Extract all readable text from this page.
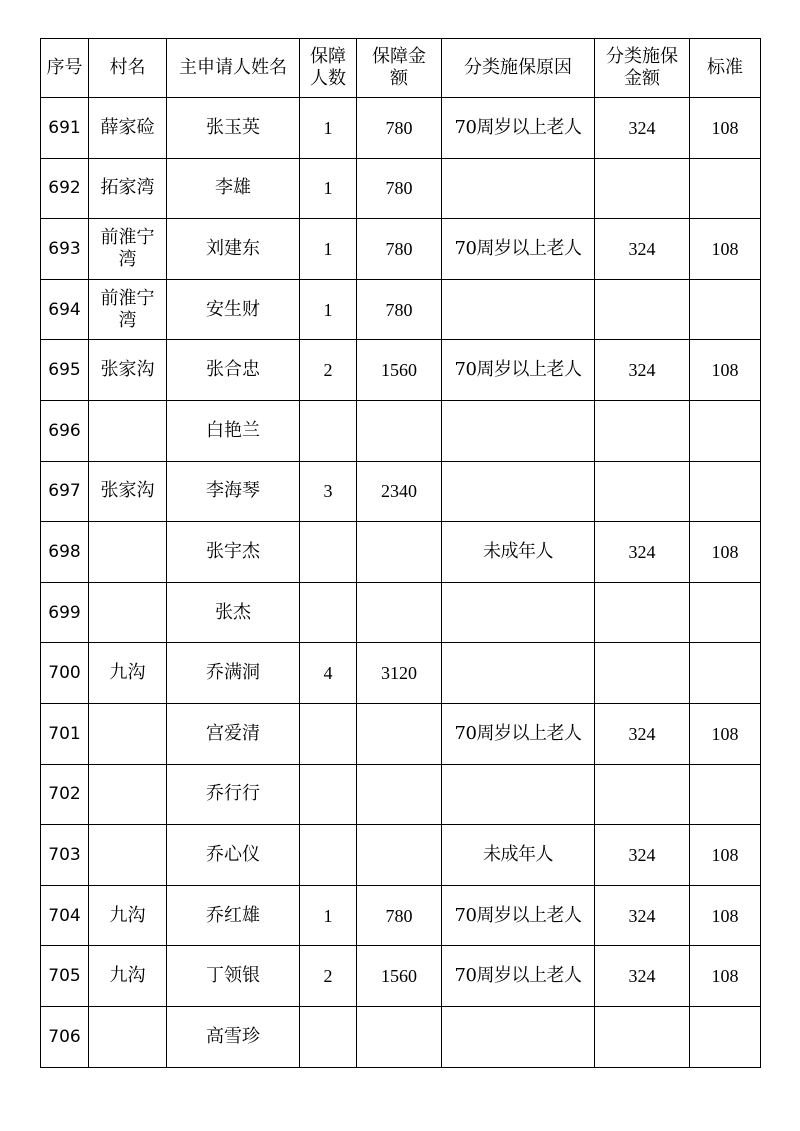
序号	村名	主申请人姓名	保障人数	保障金额	分类施保原因	分类施保金额	标准
691	薛家硷	张玉英	1	780	70周岁以上老人	324	108
692	拓家湾	李雄	1	780			
693	前淮宁湾	刘建东	1	780	70周岁以上老人	324	108
694	前淮宁湾	安生财	1	780			
695	张家沟	张合忠	2	1560	70周岁以上老人	324	108
696		白艳兰					
697	张家沟	李海琴	3	2340			
698		张宇杰			未成年人	324	108
699		张杰					
700	九沟	乔满洞	4	3120			
701		宫爱清			70周岁以上老人	324	108
702		乔行行					
703		乔心仪			未成年人	324	108
704	九沟	乔红雄	1	780	70周岁以上老人	324	108
705	九沟	丁领银	2	1560	70周岁以上老人	324	108
706		高雪珍					
